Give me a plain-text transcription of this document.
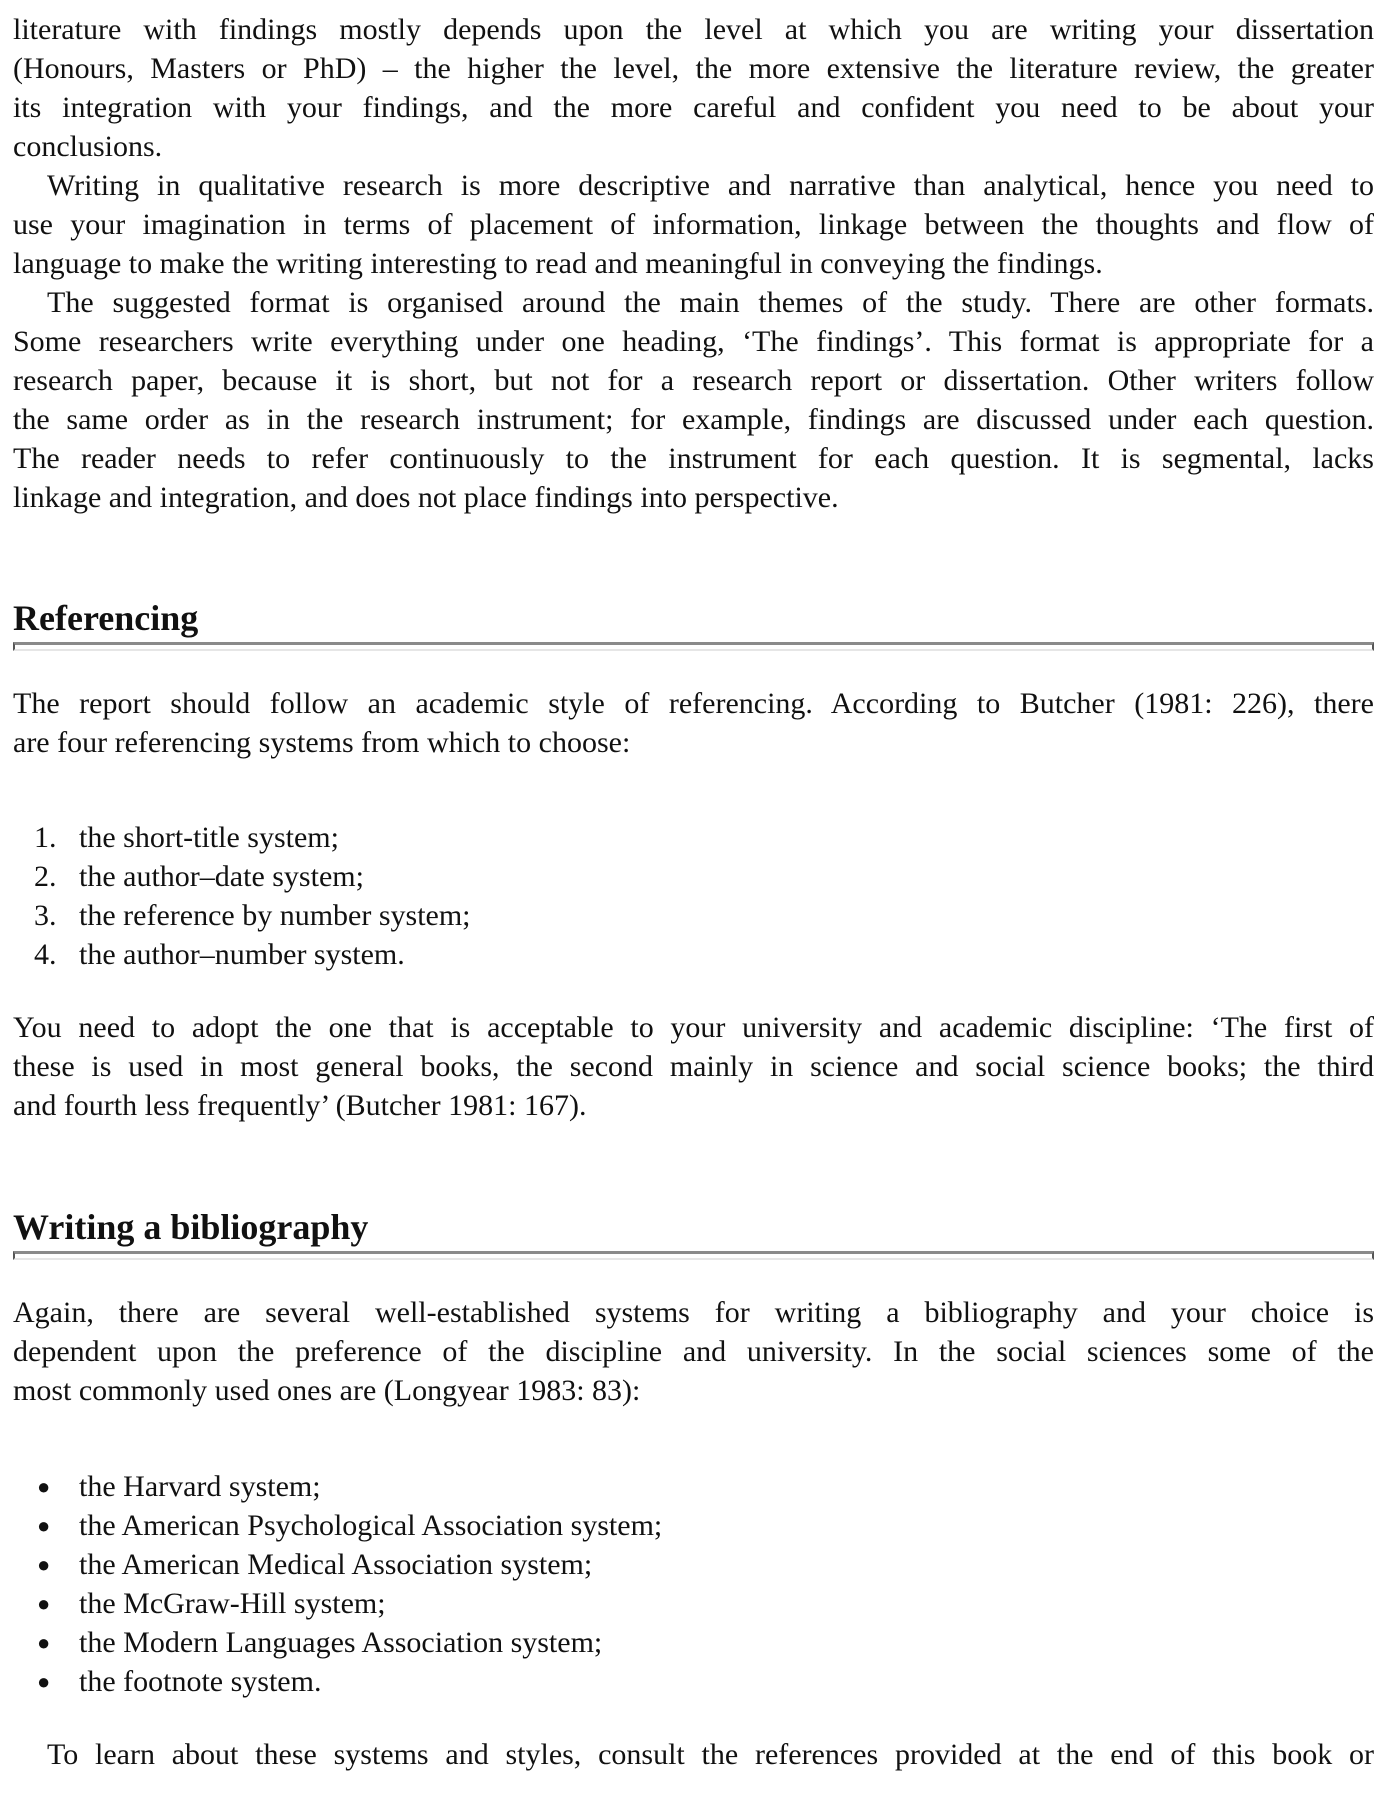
literature with findings mostly depends upon the level at which you are writing your dissertation
(Honours, Masters or PhD) – the higher the level, the more extensive the literature review, the greater
its integration with your findings, and the more careful and confident you need to be about your
conclusions.
Writing in qualitative research is more descriptive and narrative than analytical, hence you need to
use your imagination in terms of placement of information, linkage between the thoughts and flow of
language to make the writing interesting to read and meaningful in conveying the findings.
The suggested format is organised around the main themes of the study. There are other formats.
Some researchers write everything under one heading, ‘The findings’. This format is appropriate for a
research paper, because it is short, but not for a research report or dissertation. Other writers follow
the same order as in the research instrument; for example, findings are discussed under each question.
The reader needs to refer continuously to the instrument for each question. It is segmental, lacks
linkage and integration, and does not place findings into perspective.
Referencing
The report should follow an academic style of referencing. According to Butcher (1981: 226), there
are four referencing systems from which to choose:
1. the short-title system;
2. the author–date system;
3. the reference by number system;
4. the author–number system.
You need to adopt the one that is acceptable to your university and academic discipline: ‘The first of
these is used in most general books, the second mainly in science and social science books; the third
and fourth less frequently’ (Butcher 1981: 167).
Writing a bibliography
Again, there are several well-established systems for writing a bibliography and your choice is
dependent upon the preference of the discipline and university. In the social sciences some of the
most commonly used ones are (Longyear 1983: 83):
● the Harvard system;
● the American Psychological Association system;
● the American Medical Association system;
● the McGraw-Hill system;
● the Modern Languages Association system;
● the footnote system.
To learn about these systems and styles, consult the references provided at the end of this book or
